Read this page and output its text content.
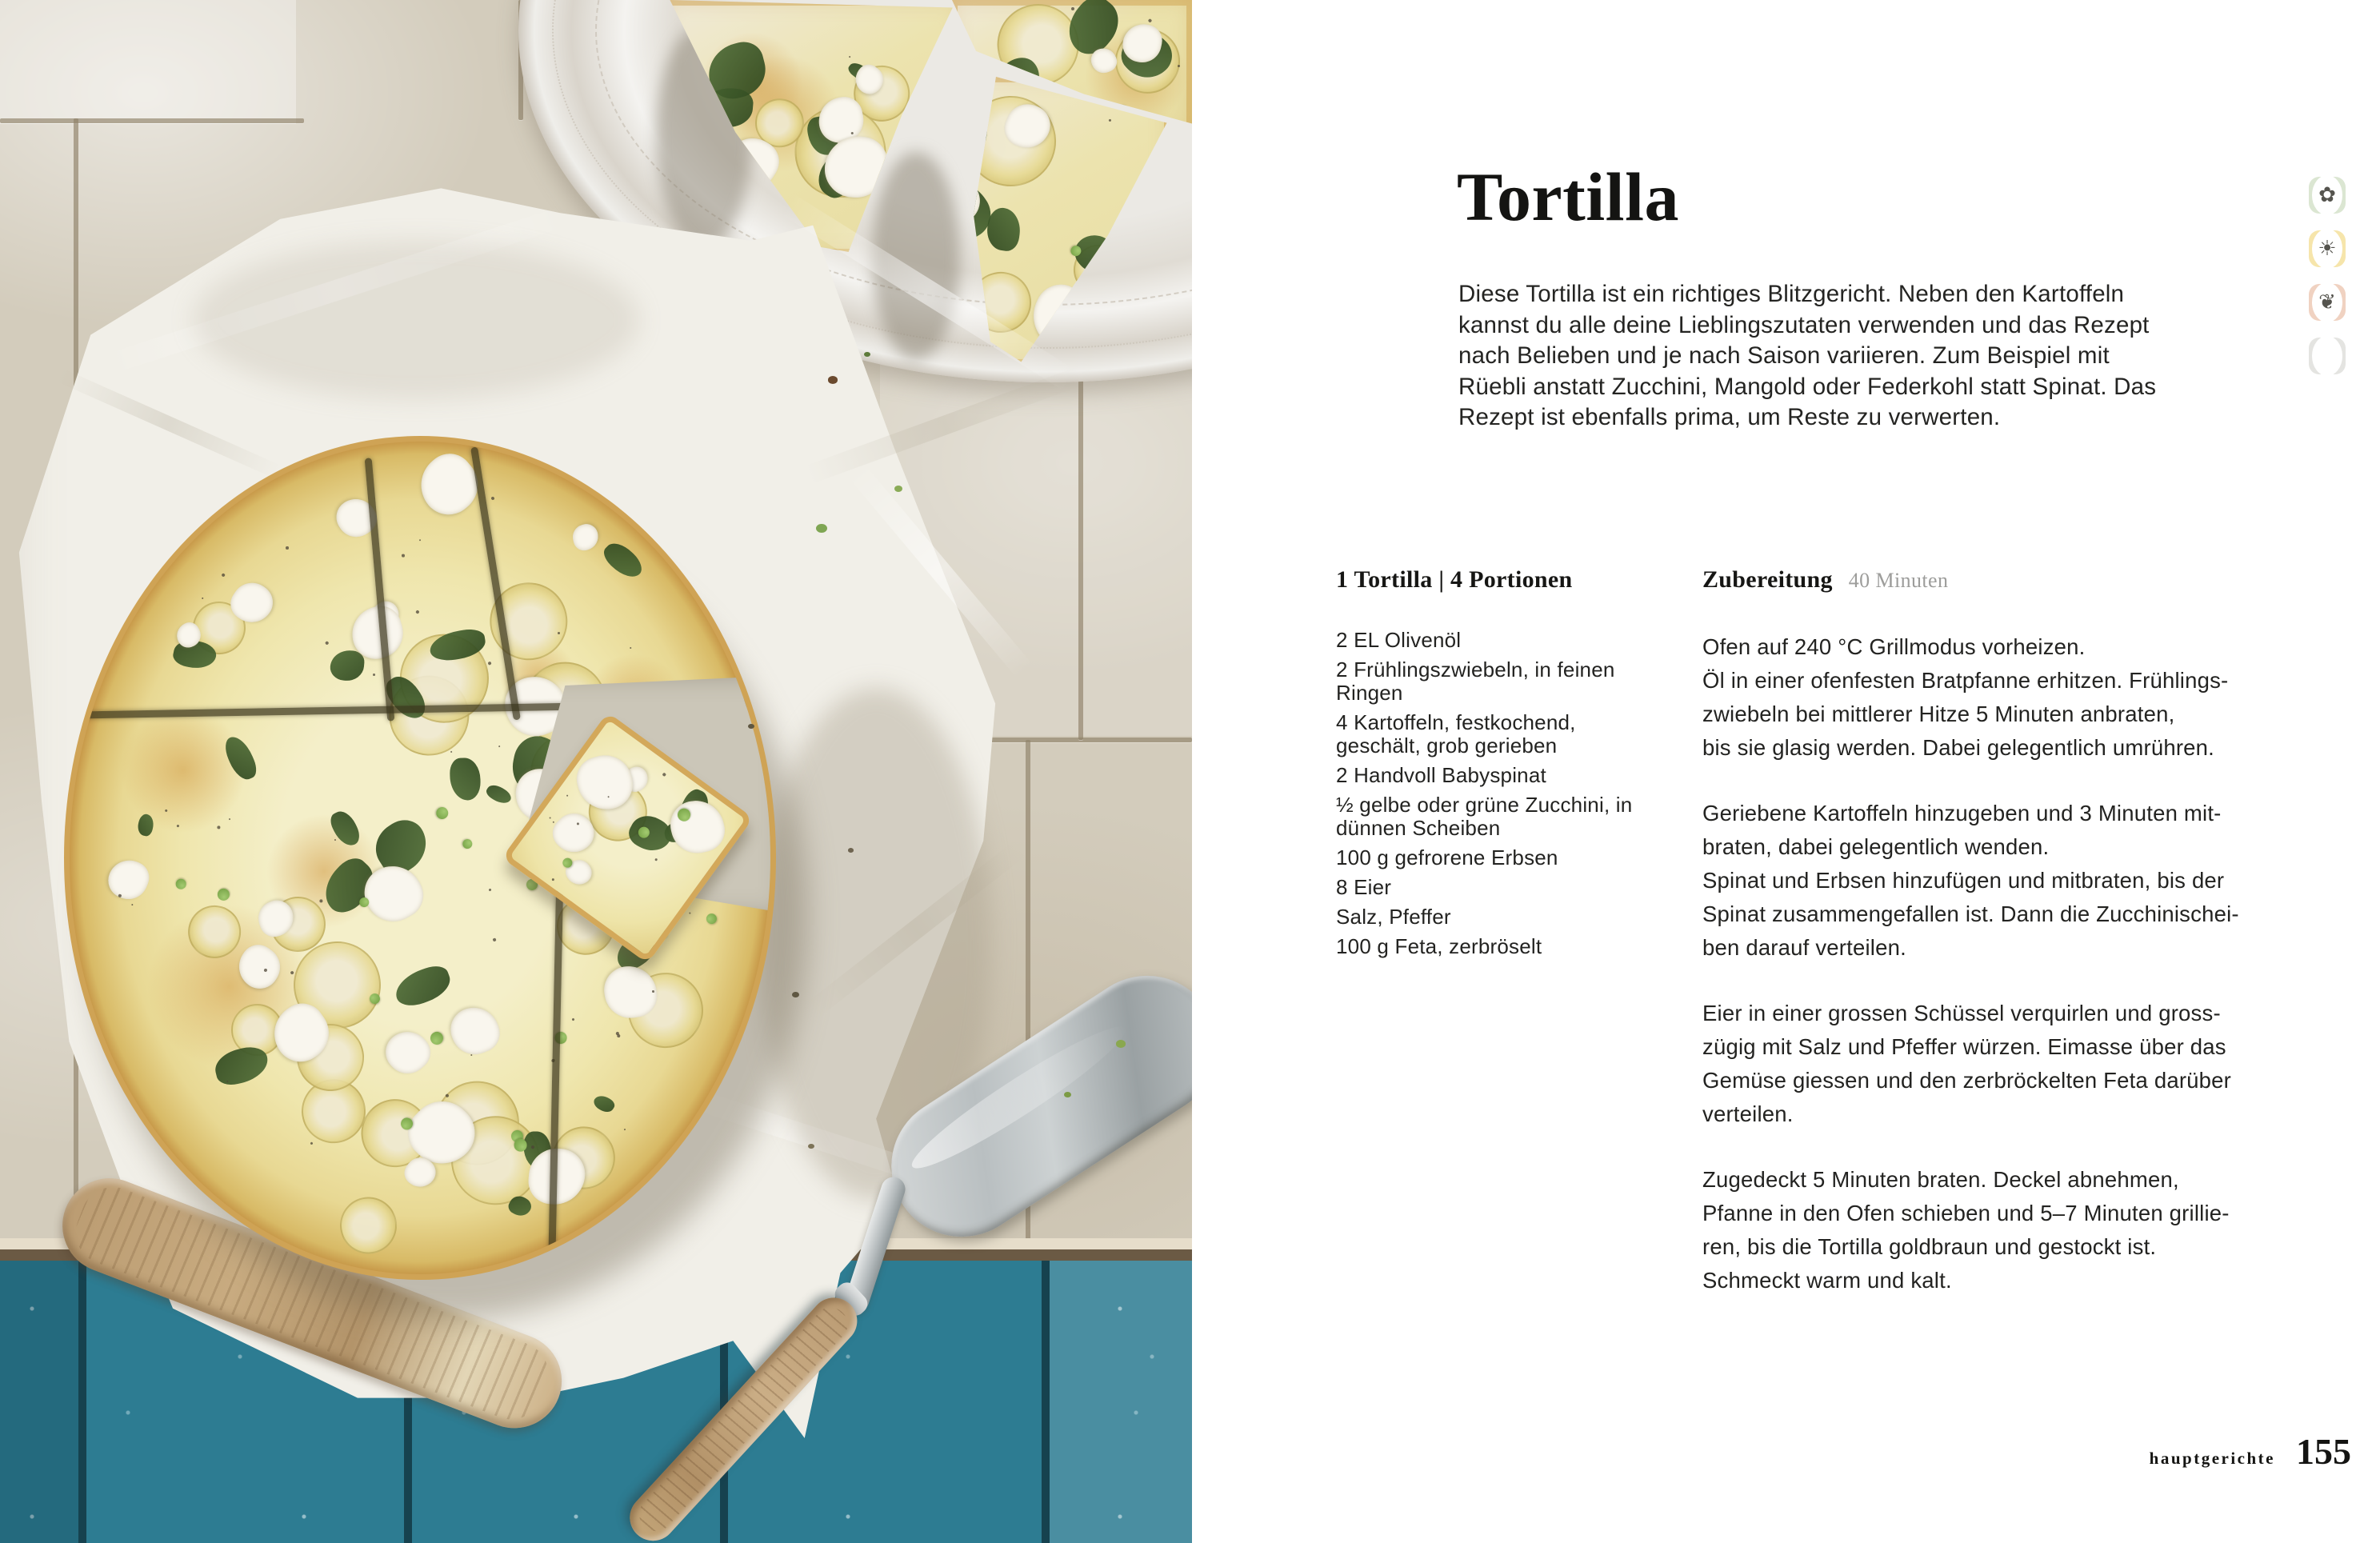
Tortilla
Diese Tortilla ist ein richtiges Blitzgericht. Neben den Kartoffeln
kannst du alle deine Lieblingszutaten verwenden und das Rezept
nach Belieben und je nach Saison variieren. Zum Beispiel mit
Rüebli anstatt Zucchini, Mangold oder Federkohl statt Spinat. Das
Rezept ist ebenfalls prima, um Reste zu verwerten.
✿
☀
❦
1 Tortilla | 4 Portionen
2 EL Olivenöl
2 Frühlingszwiebeln, in feinen Ringen
4 Kartoffeln, festkochend, geschält, grob gerieben
2 Handvoll Babyspinat
½ gelbe oder grüne Zucchini, in dünnen Scheiben
100 g gefrorene Erbsen
8 Eier
Salz, Pfeffer
100 g Feta, zerbröselt
Zubereitung 40 Minuten
Ofen auf 240 °C Grillmodus vorheizen.
Öl in einer ofenfesten Bratpfanne erhitzen. Frühlings-
zwiebeln bei mittlerer Hitze 5 Minuten anbraten,
bis sie glasig werden. Dabei gelegentlich umrühren.
Geriebene Kartoffeln hinzugeben und 3 Minuten mit-
braten, dabei gelegentlich wenden.
Spinat und Erbsen hinzufügen und mitbraten, bis der
Spinat zusammengefallen ist. Dann die Zucchinischei-
ben darauf verteilen.
Eier in einer grossen Schüssel verquirlen und gross-
zügig mit Salz und Pfeffer würzen. Eimasse über das
Gemüse giessen und den zerbröckelten Feta darüber
verteilen.
Zugedeckt 5 Minuten braten. Deckel abnehmen,
Pfanne in den Ofen schieben und 5–7 Minuten grillie-
ren, bis die Tortilla goldbraun und gestockt ist.
Schmeckt warm und kalt.
hauptgerichte 155
